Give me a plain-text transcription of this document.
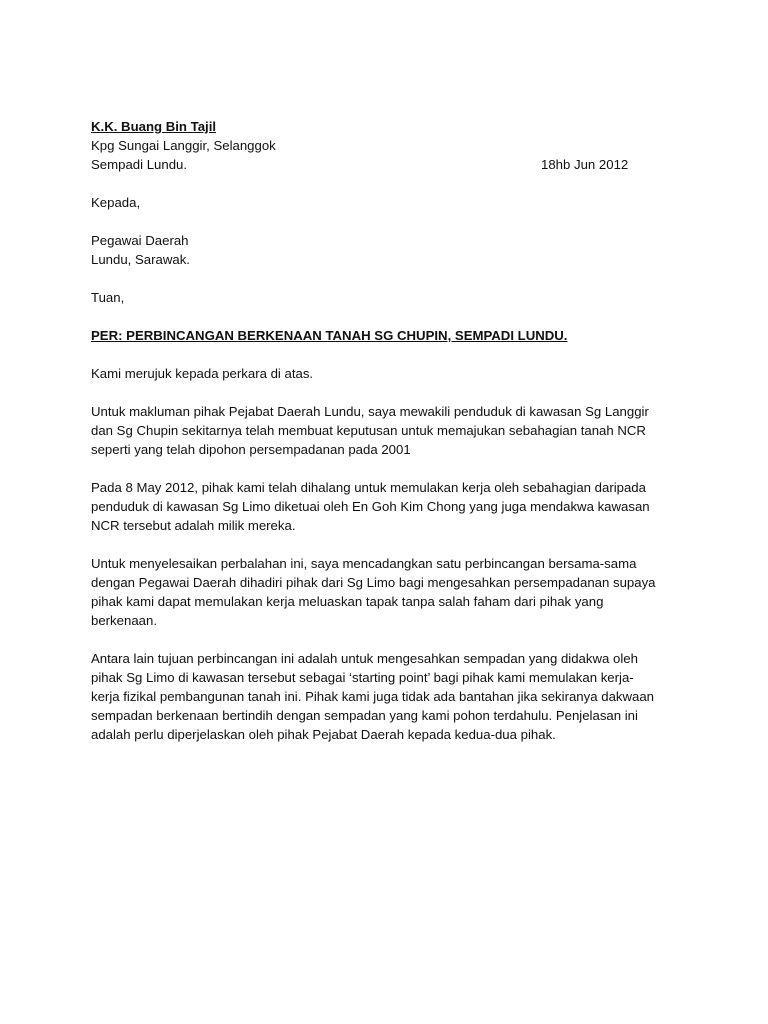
K.K. Buang Bin Tajil
Kpg Sungai Langgir, Selanggok
Sempadi Lundu.	18hb Jun 2012
Kepada,
Pegawai Daerah
Lundu, Sarawak.
Tuan,
PER: PERBINCANGAN BERKENAAN TANAH SG CHUPIN, SEMPADI LUNDU.
Kami merujuk kepada perkara di atas.
Untuk makluman pihak Pejabat Daerah Lundu, saya mewakili penduduk di kawasan Sg Langgir
dan Sg Chupin sekitarnya telah membuat keputusan untuk memajukan sebahagian tanah NCR
seperti yang telah dipohon persempadanan pada 2001
Pada 8 May 2012, pihak kami telah dihalang untuk memulakan kerja oleh sebahagian daripada
penduduk di kawasan Sg Limo diketuai oleh En Goh Kim Chong yang juga mendakwa kawasan
NCR tersebut adalah milik mereka.
Untuk menyelesaikan perbalahan ini, saya mencadangkan satu perbincangan bersama-sama
dengan Pegawai Daerah dihadiri pihak dari Sg Limo bagi mengesahkan persempadanan supaya
pihak kami dapat memulakan kerja meluaskan tapak tanpa salah faham dari pihak yang
berkenaan.
Antara lain tujuan perbincangan ini adalah untuk mengesahkan sempadan yang didakwa oleh
pihak Sg Limo di kawasan tersebut sebagai ‘starting point’ bagi pihak kami memulakan kerja-
kerja fizikal pembangunan tanah ini. Pihak kami juga tidak ada bantahan jika sekiranya dakwaan
sempadan berkenaan bertindih dengan sempadan yang kami pohon terdahulu. Penjelasan ini
adalah perlu diperjelaskan oleh pihak Pejabat Daerah kepada kedua-dua pihak.
